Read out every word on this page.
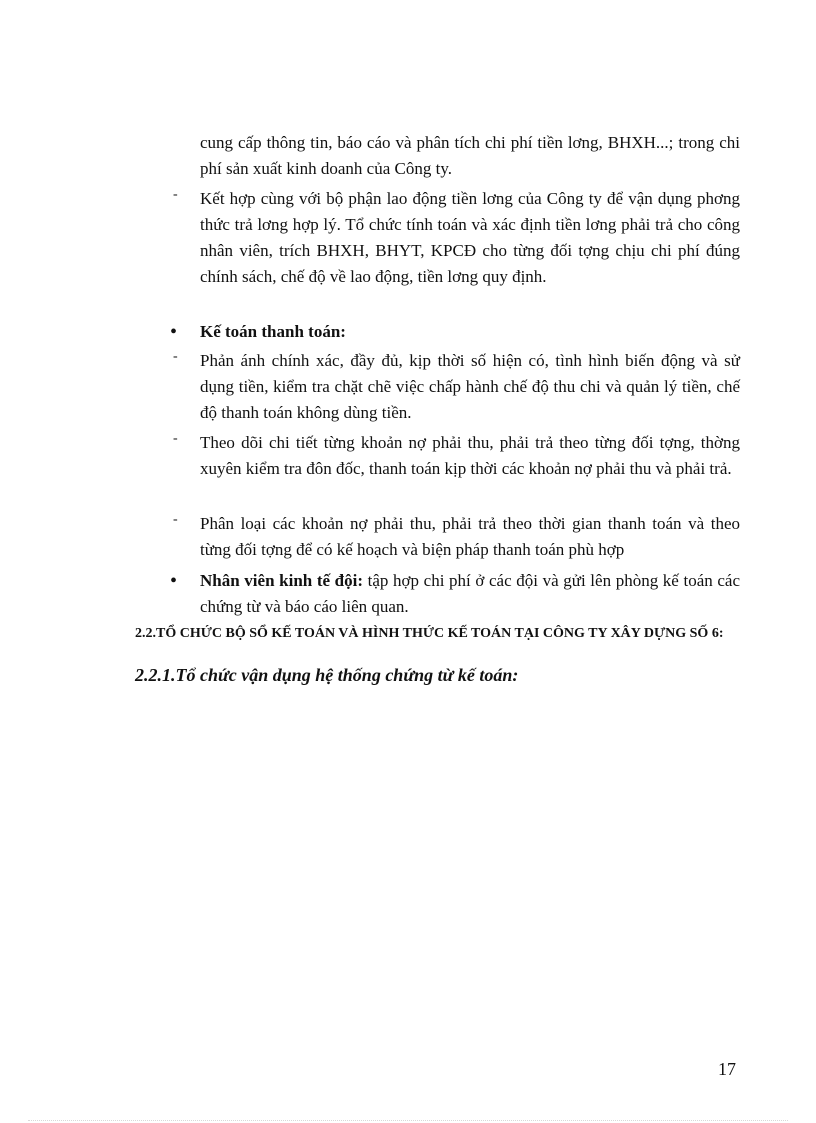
cung cấp thông tin, báo cáo và phân tích chi phí tiền lơng, BHXH...; trong chi phí sản xuất kinh doanh của Công ty.
- Kết hợp cùng với bộ phận lao động tiền lơng của Công ty để vận dụng phơng thức trả lơng hợp lý. Tổ chức tính toán và xác định tiền lơng phải trả cho công nhân viên, trích BHXH, BHYT, KPCĐ cho từng đối tợng chịu chi phí đúng chính sách, chế độ về lao động, tiền lơng quy định.
• Kế toán thanh toán:
- Phản ánh chính xác, đầy đủ, kịp thời số hiện có, tình hình biến động và sử dụng tiền, kiểm tra chặt chẽ việc chấp hành chế độ thu chi và quản lý tiền, chế độ thanh toán không dùng tiền.
- Theo dõi chi tiết từng khoản nợ phải thu, phải trả theo từng đối tợng, thờng xuyên kiểm tra đôn đốc, thanh toán kịp thời các khoản nợ phải thu và phải trả.
- Phân loại các khoản nợ phải thu, phải trả theo thời gian thanh toán và theo từng đối tợng để có kế hoạch và biện pháp thanh toán phù hợp
• Nhân viên kinh tế đội: tập hợp chi phí ở các đội và gửi lên phòng kế toán các chứng từ và báo cáo liên quan.
2.2.TỔ CHỨC BỘ SỔ KẾ TOÁN VÀ HÌNH THỨC KẾ TOÁN TẠI CÔNG TY XÂY DỰNG SỐ 6:
2.2.1.Tổ chức vận dụng hệ thống chứng từ kế toán:
17
